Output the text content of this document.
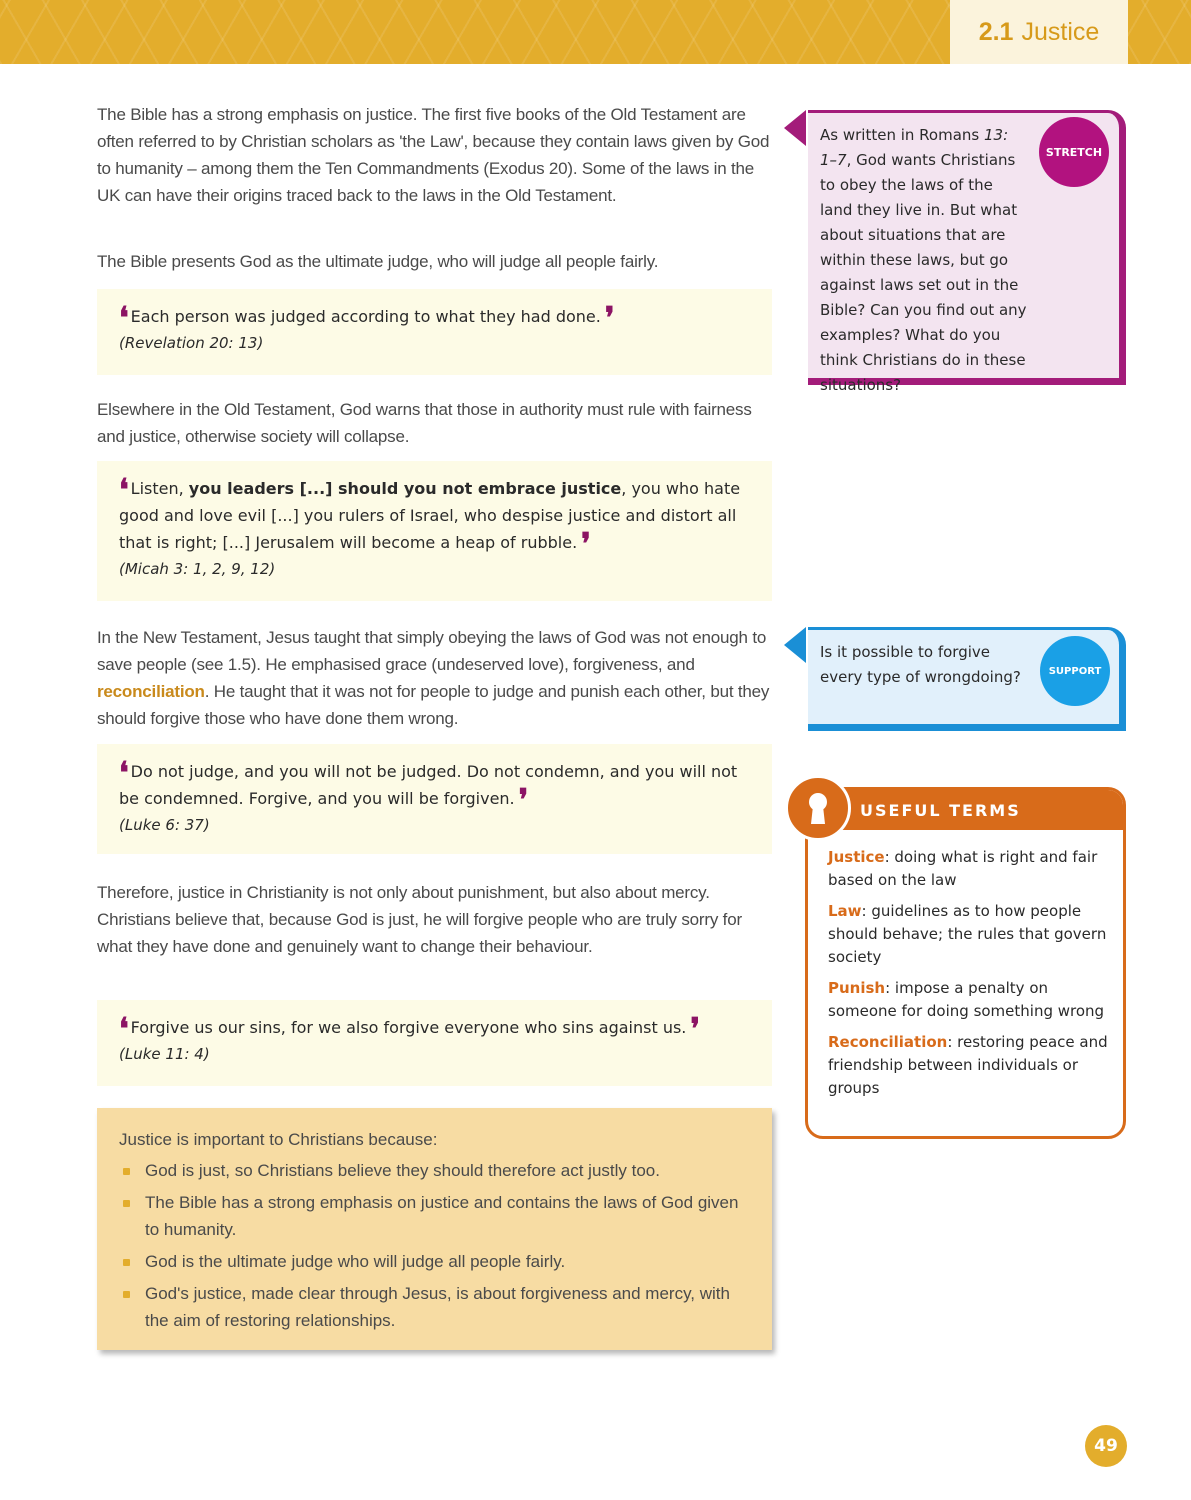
2.1 Justice

The Bible has a strong emphasis on justice. The first five books of the Old Testament are often referred to by Christian scholars as 'the Law', because they contain laws given by God to humanity – among them the Ten Commandments (Exodus 20). Some of the laws in the UK can have their origins traced back to the laws in the Old Testament.

The Bible presents God as the ultimate judge, who will judge all people fairly.

❛ Each person was judged according to what they had done. ❜
(Revelation 20: 13)

Elsewhere in the Old Testament, God warns that those in authority must rule with fairness and justice, otherwise society will collapse.

❛ Listen, you leaders [...] should you not embrace justice, you who hate good and love evil [...] you rulers of Israel, who despise justice and distort all that is right; [...] Jerusalem will become a heap of rubble. ❜
(Micah 3: 1, 2, 9, 12)

In the New Testament, Jesus taught that simply obeying the laws of God was not enough to save people (see 1.5). He emphasised grace (undeserved love), forgiveness, and reconciliation. He taught that it was not for people to judge and punish each other, but they should forgive those who have done them wrong.

❛ Do not judge, and you will not be judged. Do not condemn, and you will not be condemned. Forgive, and you will be forgiven. ❜
(Luke 6: 37)

Therefore, justice in Christianity is not only about punishment, but also about mercy. Christians believe that, because God is just, he will forgive people who are truly sorry for what they have done and genuinely want to change their behaviour.

❛ Forgive us our sins, for we also forgive everyone who sins against us. ❜
(Luke 11: 4)
Justice is important to Christians because:
God is just, so Christians believe they should therefore act justly too.
The Bible has a strong emphasis on justice and contains the laws of God given to humanity.
God is the ultimate judge who will judge all people fairly.
God's justice, made clear through Jesus, is about forgiveness and mercy, with the aim of restoring relationships.
As written in Romans 13: 1–7, God wants Christians to obey the laws of the land they live in. But what about situations that are within these laws, but go against laws set out in the Bible? Can you find out any examples? What do you think Christians do in these situations?
STRETCH
Is it possible to forgive every type of wrongdoing?	SUPPORT
USEFUL TERMS
Justice: doing what is right and fair based on the law
Law: guidelines as to how people should behave; the rules that govern society
Punish: impose a penalty on someone for doing something wrong
Reconciliation: restoring peace and friendship between individuals or groups
49
